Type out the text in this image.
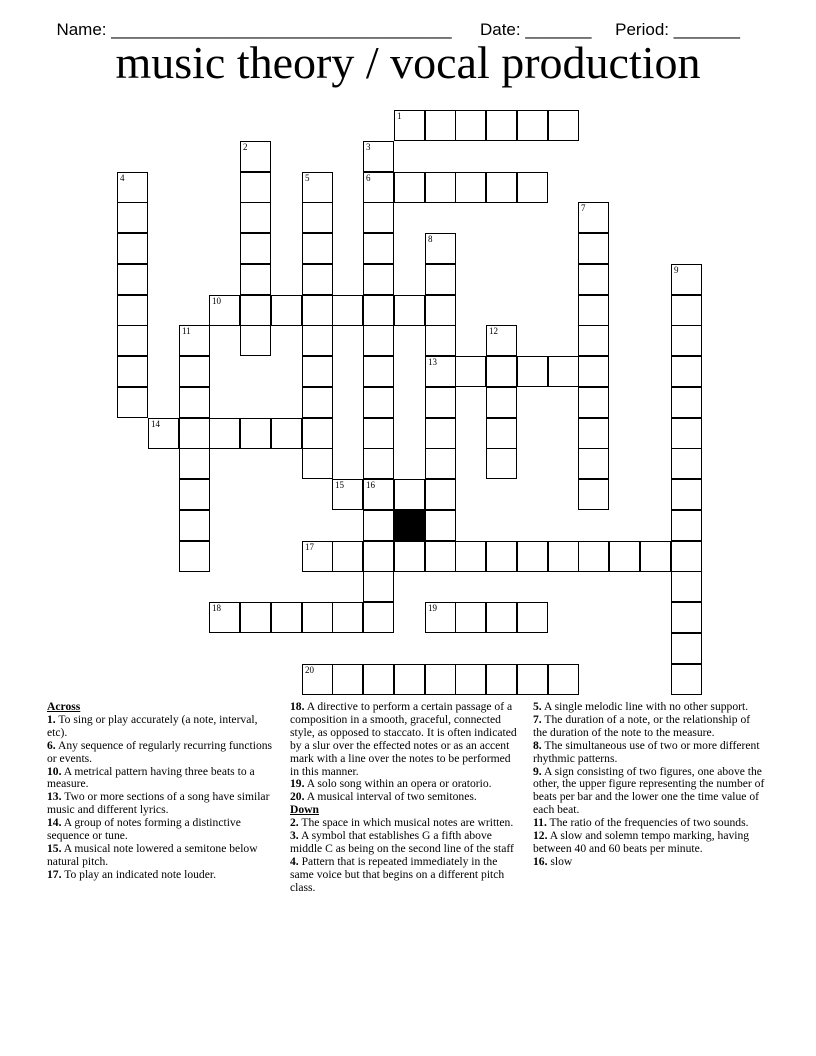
Name: ____________________________________ Date: _______ Period: _______

music theory / vocal production
1
6
10
13
14
15 16
17
18	19
20
2	3
4	5
7
8
9
11	12

Across

1. To sing or play accurately (a note, interval, etc).

6. Any sequence of regularly recurring functions or events.

10. A metrical pattern having three beats to a measure.

13. Two or more sections of a song have similar music and different lyrics.

14. A group of notes forming a distinctive sequence or tune.

15. A musical note lowered a semitone below natural pitch.

17. To play an indicated note louder.

18. A directive to perform a certain passage of a composition in a smooth, graceful, connected style, as opposed to staccato. It is often indicated by a slur over the effected notes or as an accent mark with a line over the notes to be performed in this manner.

19. A solo song within an opera or oratorio.

20. A musical interval of two semitones.

Down

2. The space in which musical notes are written.

3. A symbol that establishes G a fifth above middle C as being on the second line of the staff

4. Pattern that is repeated immediately in the same voice but that begins on a different pitch class.

5. A single melodic line with no other support.

7. The duration of a note, or the relationship of the duration of the note to the measure.

8. The simultaneous use of two or more different rhythmic patterns.

9. A sign consisting of two figures, one above the other, the upper figure representing the number of beats per bar and the lower one the time value of each beat.

11. The ratio of the frequencies of two sounds.

12. A slow and solemn tempo marking, having between 40 and 60 beats per minute.

16. slow
